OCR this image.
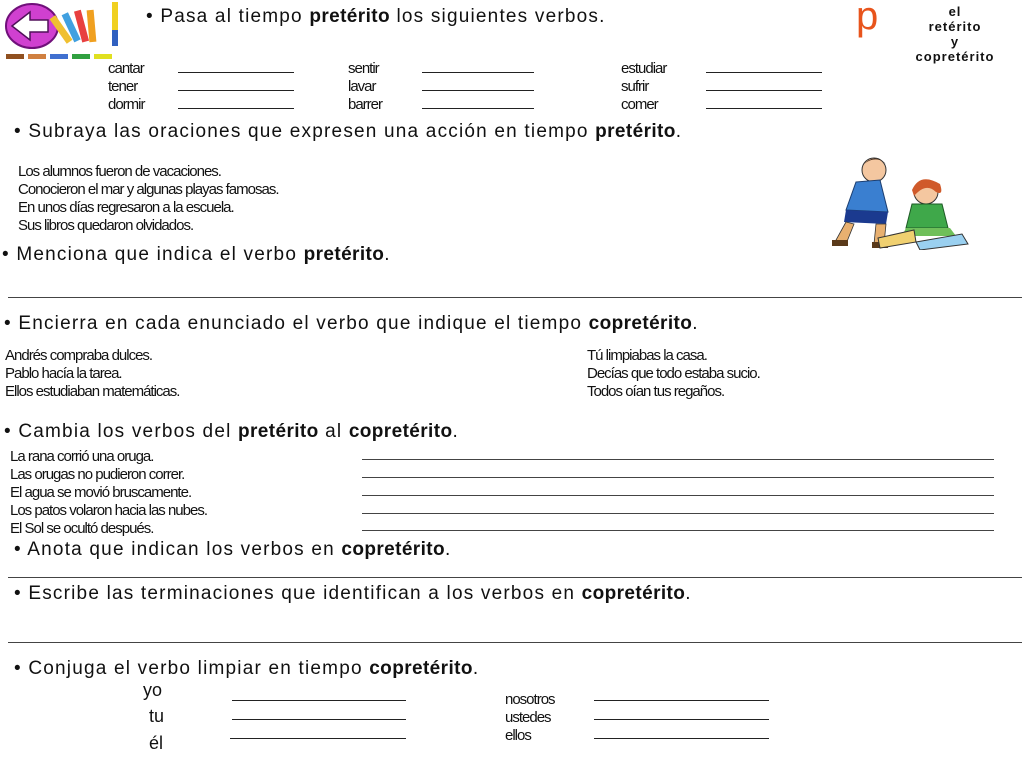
p	el
retérito
y
copretérito
• Pasa al tiempo pretérito los siguientes verbos.
cantar	sentir	estudiar
tener	lavar	sufrir
dormir	barrer	comer
• Subraya las oraciones que expresen una acción en tiempo pretérito.
Los alumnos fueron de vacaciones.
Conocieron el mar y algunas playas famosas.
En unos días regresaron a la escuela.
Sus libros quedaron olvidados.
• Menciona que indica el verbo pretérito.
• Encierra en cada enunciado el verbo que indique el tiempo copretérito.
Andrés compraba dulces.
Pablo hacía la tarea.
Ellos estudiaban matemáticas.
Tú limpiabas la casa.
Decías que todo estaba sucio.
Todos oían tus regaños.
• Cambia los verbos del pretérito al copretérito.
La rana corrió una oruga.
Las orugas no pudieron correr.
El agua se movió bruscamente.
Los patos volaron hacia las nubes.
El Sol se ocultó después.
• Anota que indican los verbos en copretérito.
• Escribe las terminaciones que identifican a los verbos en copretérito.
• Conjuga el verbo limpiar en tiempo copretérito.
yo
tu
él
nosotros
ustedes
ellos
